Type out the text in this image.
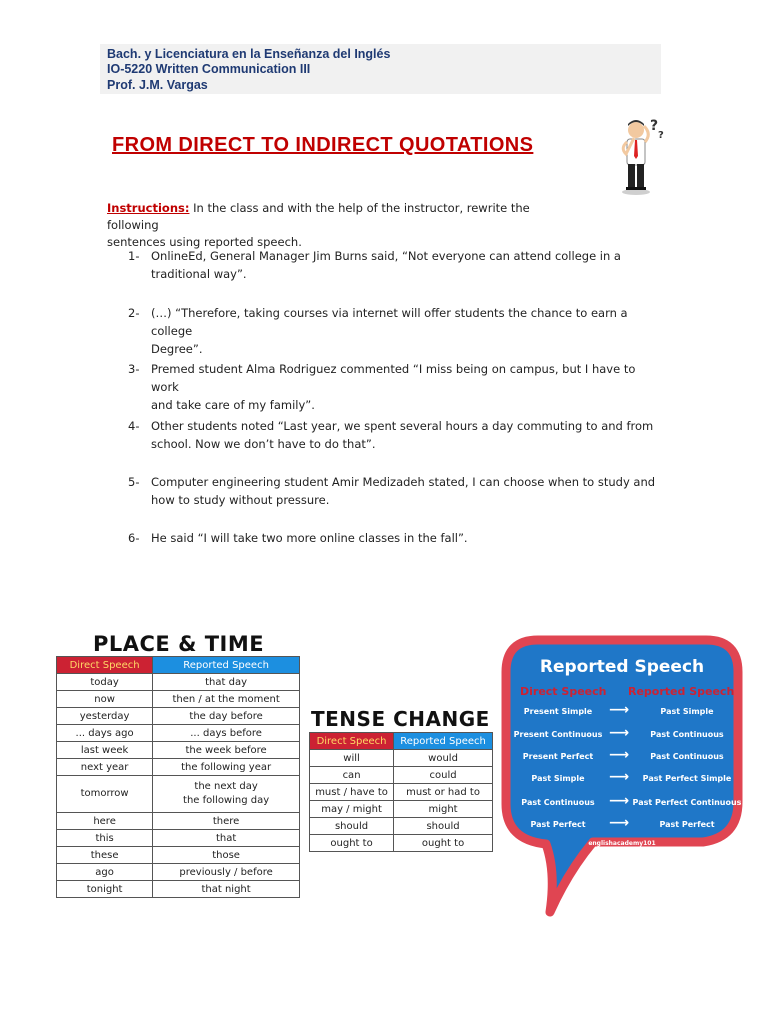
Bach. y Licenciatura en la Enseñanza del Inglés
IO-5220 Written Communication III
Prof. J.M. Vargas
FROM DIRECT TO INDIRECT QUOTATIONS
?
?
Instructions: In the class and with the help of the instructor, rewrite the following
sentences using reported speech.
1- OnlineEd, General Manager Jim Burns said, “Not everyone can attend college in a
traditional way”.
2- (…) “Therefore, taking courses via internet will offer students the chance to earn a college
Degree”.
3- Premed student Alma Rodriguez commented “I miss being on campus, but I have to work
and take care of my family”.
4- Other students noted “Last year, we spent several hours a day commuting to and from
school. Now we don’t have to do that”.
5- Computer engineering student Amir Medizadeh stated, I can choose when to study and
how to study without pressure.
6- He said “I will take two more online classes in the fall”.
PLACE & TIME
Direct Speech	Reported Speech
today	that day
now	then / at the moment
yesterday	the day before
... days ago	... days before
last week	the week before
next year	the following year
tomorrow	the next day
the following day
here	there
this	that
these	those
ago	previously / before
tonight	that night
TENSE CHANGE
Direct Speech	Reported Speech
will	would
can	could
must / have to	must or had to
may / might	might
should	should
ought to	ought to
Reported Speech
Direct Speech Reported Speech
Present Simple	⟶	Past Simple
Present Continuous ⟶	Past Continuous
Present Perfect	⟶	Past Continuous
Past Simple	⟶	Past Perfect Simple
Past Continuous	⟶ Past Perfect Continuous
Past Perfect	⟶	Past Perfect
englishacademy101
